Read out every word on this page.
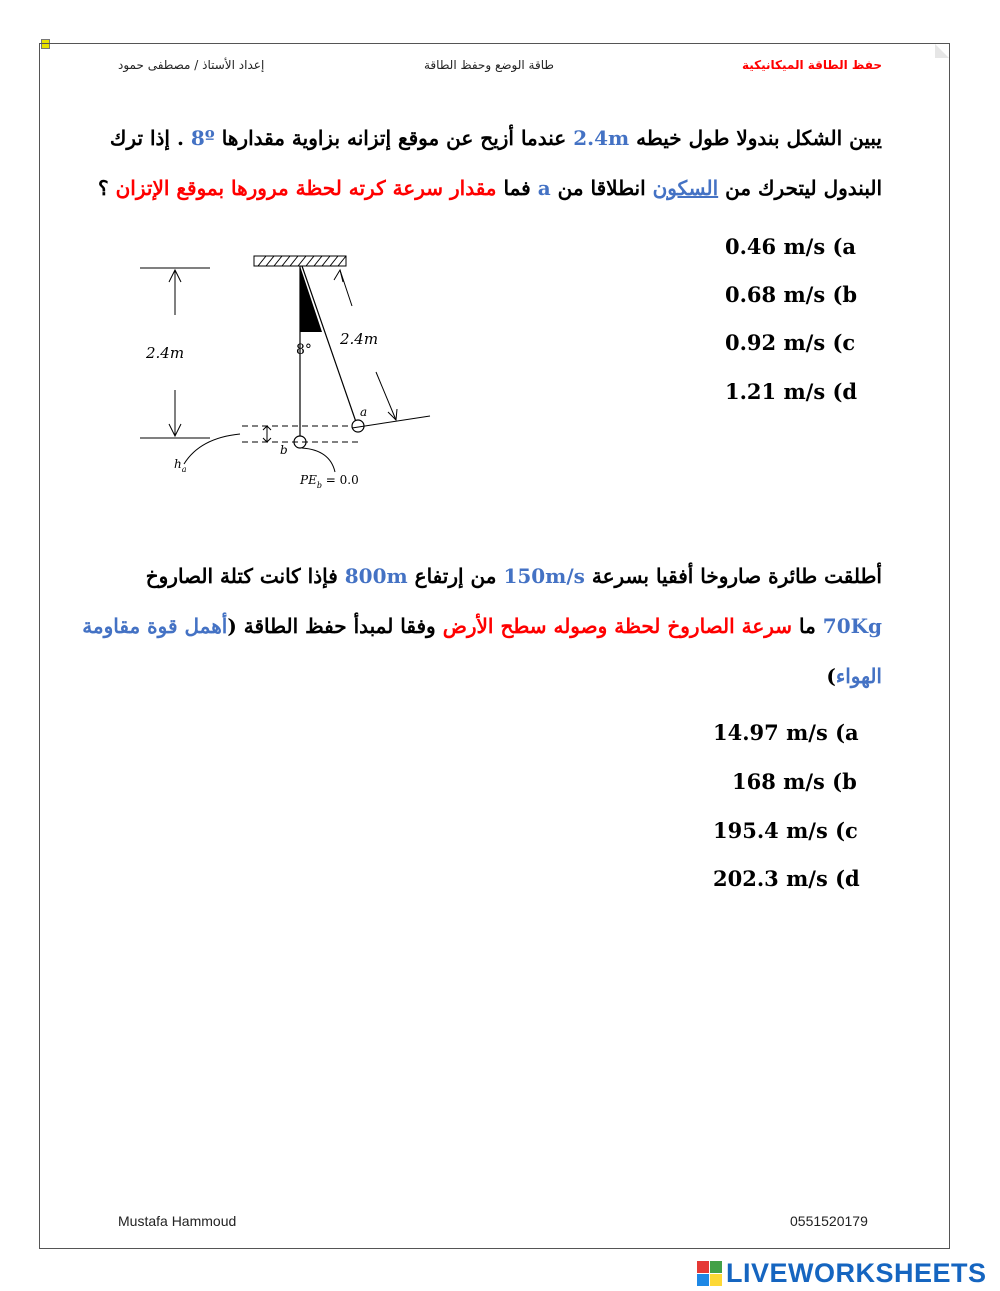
حفظ الطاقة الميكانيكية
طاقة الوضع وحفظ الطاقة
إعداد الأستاذ / مصطفى حمود
يبين الشكل بندولا طول خيطه 2.4m عندما أزيح عن موقع إتزانه بزاوية مقدارها 8º . إذا ترك
البندول ليتحرك من السكون انطلاقا من a فما مقدار سرعة كرته لحظة مرورها بموقع الإتزان ؟
0.46 m/s (a
0.68 m/s (b
0.92 m/s (c
1.21 m/s (d
2.4m	8°
2.4m
a
b
$h_a$
$PE_b = 0.0$
أطلقت طائرة صاروخا أفقيا بسرعة 150m/s من إرتفاع 800m فإذا كانت كتلة الصاروخ
70Kg ما سرعة الصاروخ لحظة وصوله سطح الأرض وفقا لمبدأ حفظ الطاقة (أهمل قوة مقاومة
الهواء)
14.97 m/s (a
168 m/s (b
195.4 m/s (c
202.3 m/s (d
Mustafa Hammoud	0551520179
LIVEWORKSHEETS
